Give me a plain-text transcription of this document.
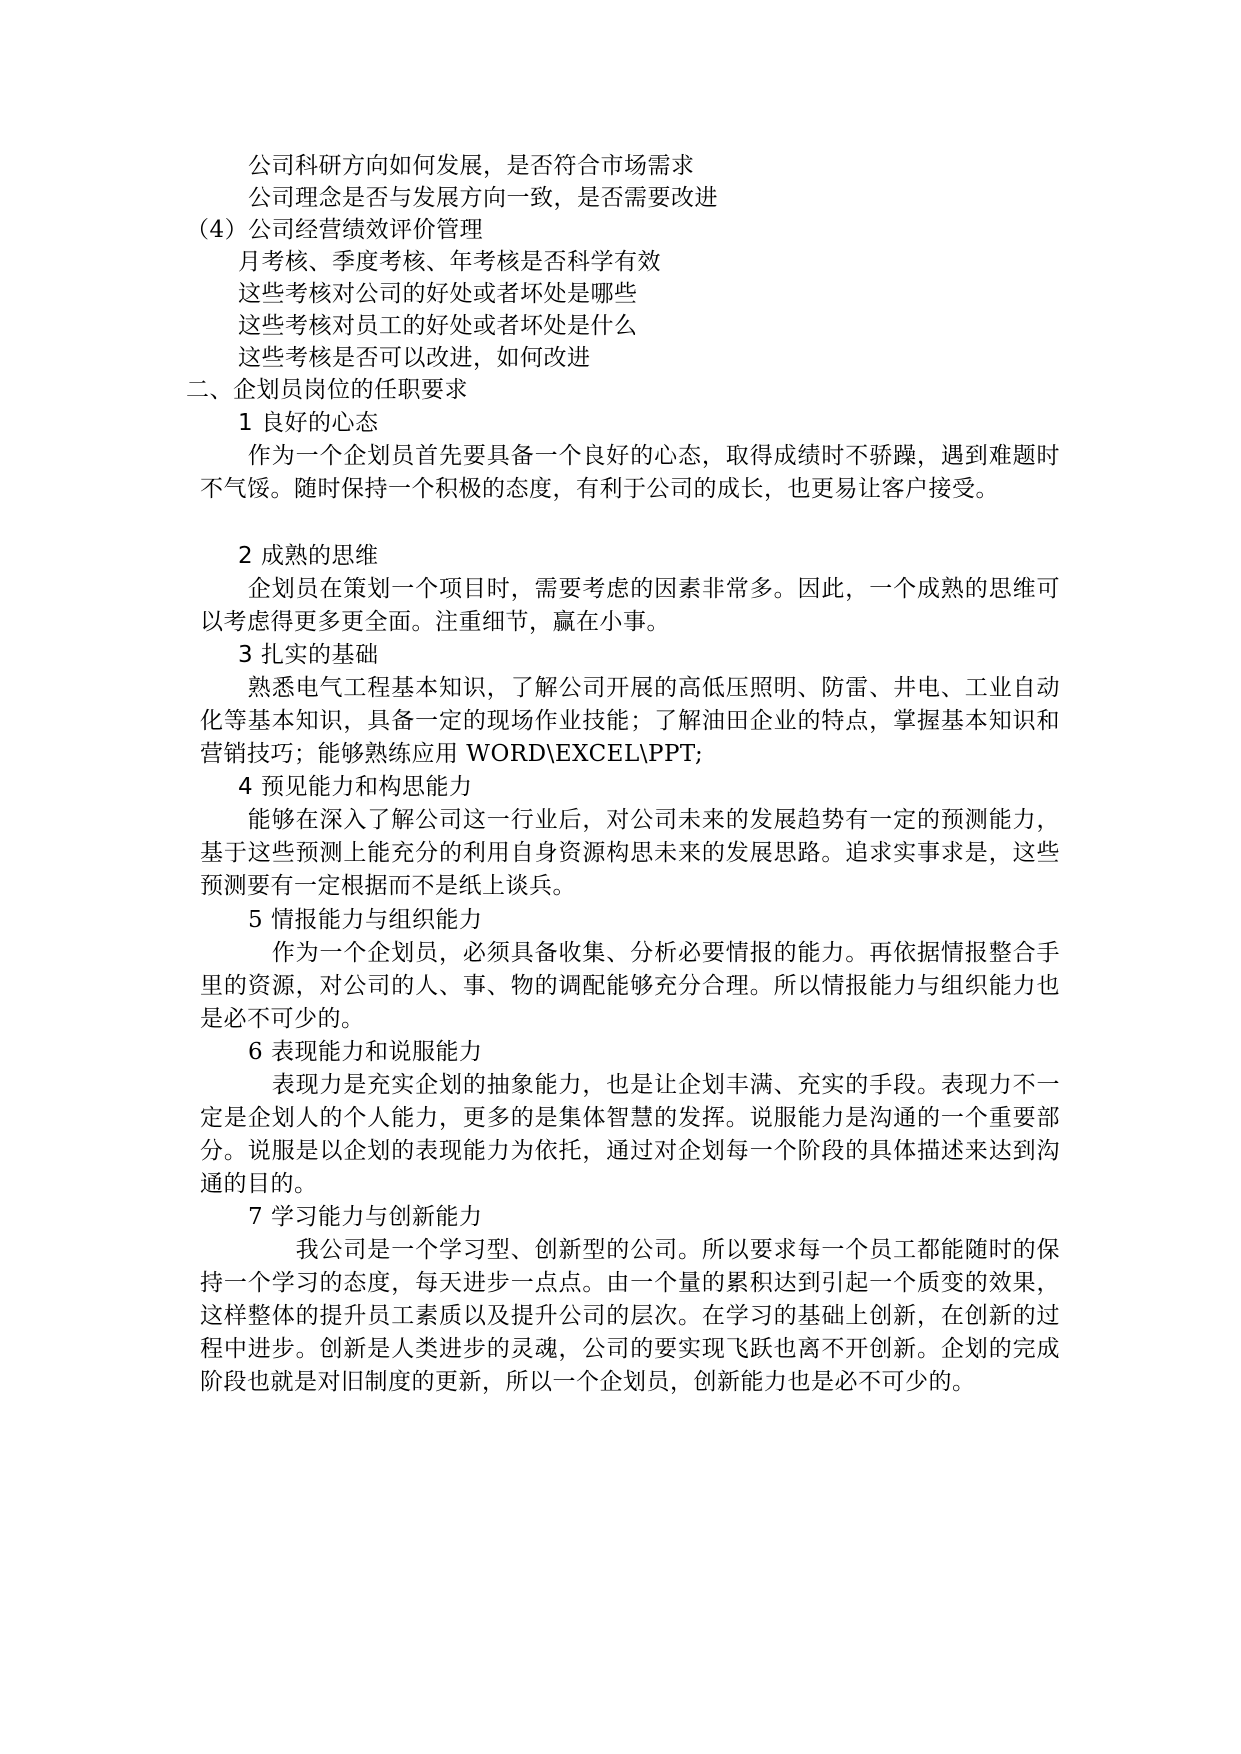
公司科研方向如何发展，是否符合市场需求
公司理念是否与发展方向一致，是否需要改进
（4）公司经营绩效评价管理
月考核、季度考核、年考核是否科学有效
这些考核对公司的好处或者坏处是哪些
这些考核对员工的好处或者坏处是什么
这些考核是否可以改进，如何改进
二、企划员岗位的任职要求
1 良好的心态
　　作为一个企划员首先要具备一个良好的心态，取得成绩时不骄躁，遇到难题时不气馁。随时保持一个积极的态度，有利于公司的成长，也更易让客户接受。
2 成熟的思维
　　企划员在策划一个项目时，需要考虑的因素非常多。因此，一个成熟的思维可以考虑得更多更全面。注重细节，赢在小事。
3 扎实的基础
　　熟悉电气工程基本知识，了解公司开展的高低压照明、防雷、井电、工业自动化等基本知识，具备一定的现场作业技能；了解油田企业的特点，掌握基本知识和营销技巧；能够熟练应用 WORD\EXCEL\PPT;
4 预见能力和构思能力
　　能够在深入了解公司这一行业后，对公司未来的发展趋势有一定的预测能力，基于这些预测上能充分的利用自身资源构思未来的发展思路。追求实事求是，这些预测要有一定根据而不是纸上谈兵。
5 情报能力与组织能力
　　　作为一个企划员，必须具备收集、分析必要情报的能力。再依据情报整合手里的资源，对公司的人、事、物的调配能够充分合理。所以情报能力与组织能力也是必不可少的。
6 表现能力和说服能力
　　　表现力是充实企划的抽象能力，也是让企划丰满、充实的手段。表现力不一定是企划人的个人能力，更多的是集体智慧的发挥。说服能力是沟通的一个重要部分。说服是以企划的表现能力为依托，通过对企划每一个阶段的具体描述来达到沟通的目的。
7 学习能力与创新能力
　　　　我公司是一个学习型、创新型的公司。所以要求每一个员工都能随时的保持一个学习的态度，每天进步一点点。由一个量的累积达到引起一个质变的效果，这样整体的提升员工素质以及提升公司的层次。在学习的基础上创新，在创新的过程中进步。创新是人类进步的灵魂，公司的要实现飞跃也离不开创新。企划的完成阶段也就是对旧制度的更新，所以一个企划员，创新能力也是必不可少的。
